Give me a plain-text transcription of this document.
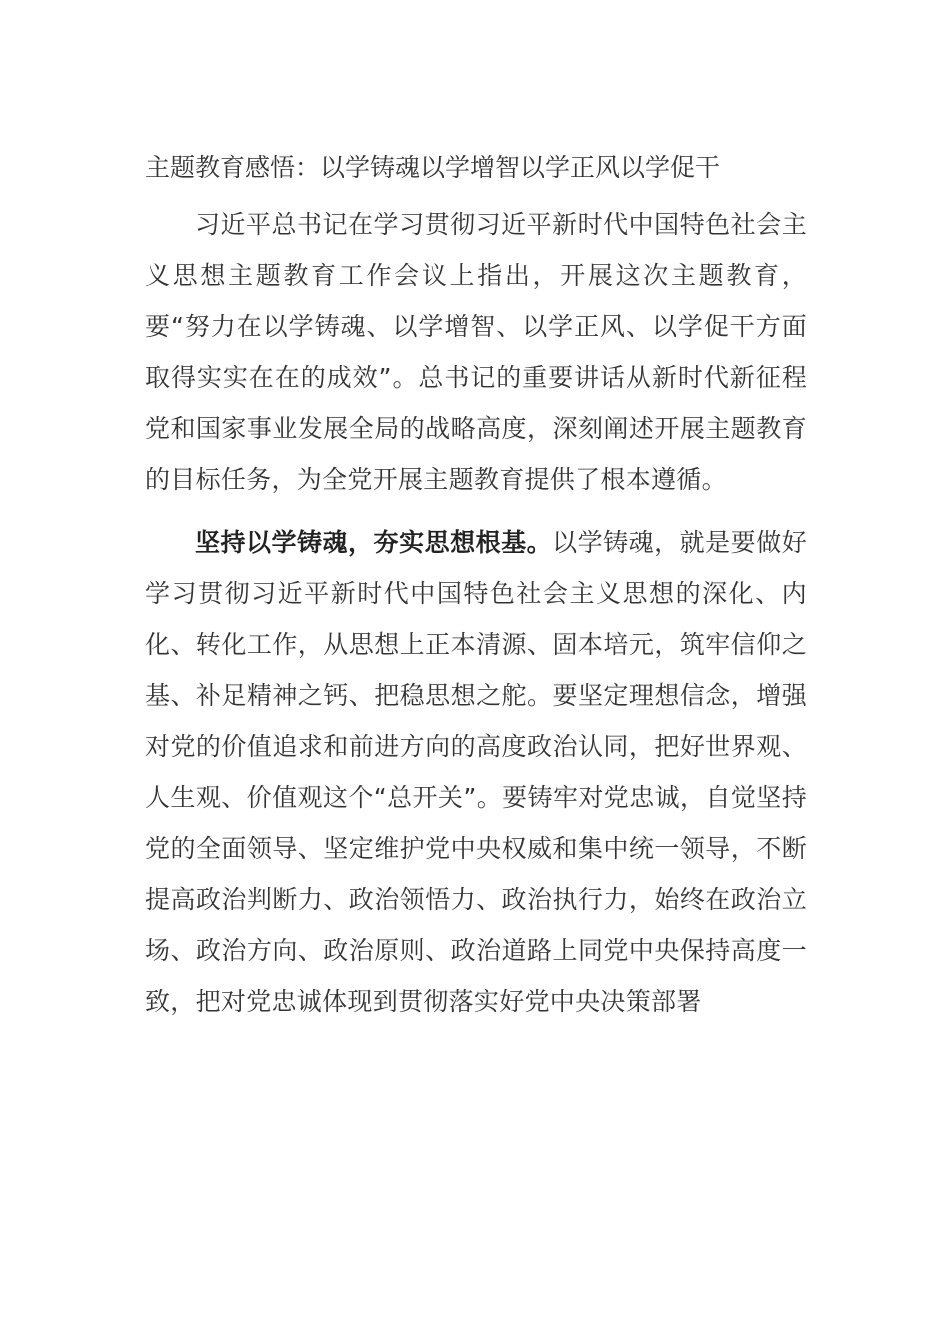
主题教育感悟：以学铸魂以学增智以学正风以学促干

习近平总书记在学习贯彻习近平新时代中国特色社会主义思想主题教育工作会议上指出，开展这次主题教育，要“努力在以学铸魂、以学增智、以学正风、以学促干方面取得实实在在的成效”。总书记的重要讲话从新时代新征程党和国家事业发展全局的战略高度，深刻阐述开展主题教育的目标任务，为全党开展主题教育提供了根本遵循。

坚持以学铸魂，夯实思想根基。以学铸魂，就是要做好学习贯彻习近平新时代中国特色社会主义思想的深化、内化、转化工作，从思想上正本清源、固本培元，筑牢信仰之基、补足精神之钙、把稳思想之舵。要坚定理想信念，增强对党的价值追求和前进方向的高度政治认同，把好世界观、人生观、价值观这个“总开关”。要铸牢对党忠诚，自觉坚持党的全面领导、坚定维护党中央权威和集中统一领导，不断提高政治判断力、政治领悟力、政治执行力，始终在政治立场、政治方向、政治原则、政治道路上同党中央保持高度一致，把对党忠诚体现到贯彻落实好党中央决策部署
